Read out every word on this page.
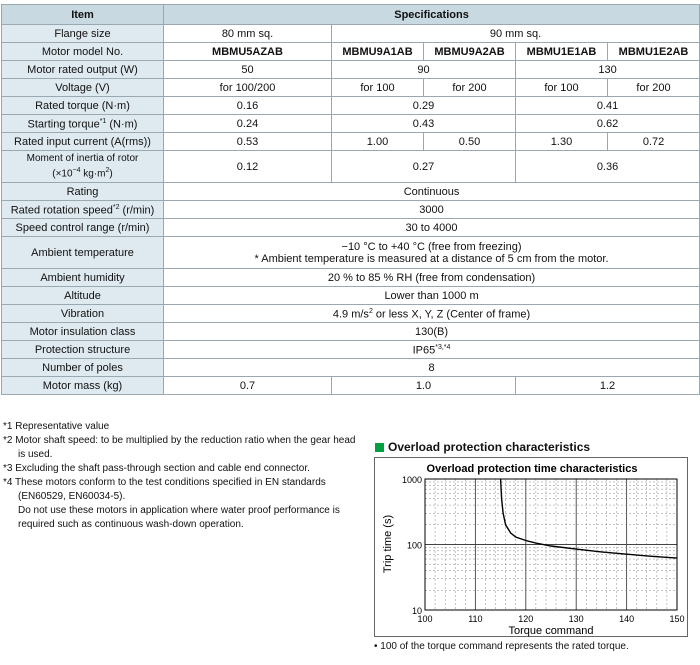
Item	Specifications				
Flange size	80 mm sq.	90 mm sq.			
Motor model No.	MBMU5AZAB	MBMU9A1AB	MBMU9A2AB	MBMU1E1AB	MBMU1E2AB
Motor rated output (W)	50	90		130	
Voltage (V)	for 100/200	for 100	for 200	for 100	for 200
Rated torque (N·m)	0.16	0.29		0.41	
Starting torque$^{*1}$ (N·m)	0.24	0.43		0.62	
Rated input current (A(rms))	0.53	1.00	0.50	1.30	0.72

Moment of inertia of rotor
($\times 10^{-4}$ $kg\cdot m^2$)	0.12	0.27		0.36	
Rating	Continuous				
Rated rotation speed$^{*2}$ (r/min)	3000				
Speed control range (r/min)	30 to 4000				
Ambient temperature	−10 °C to +40 °C (free from freezing)
* Ambient temperature is measured at a distance of 5 cm from the motor.				

Ambient humidity	20 % to 85 % RH (free from condensation)				
Altitude	Lower than 1000 m				
Vibration	4.9 $m/s^2$ or less X, Y, Z (Center of frame)				
Motor insulation class	130(B)				
Protection structure	$IP65^{*3,*4}$
Number of poles	8				
Motor mass (kg)	0.7	1.0		1.2	
*1 Representative value
*2 Motor shaft speed: to be multiplied by the reduction ratio when the gear head is used.
*3 Excluding the shaft pass-through section and cable end connector.
*4 These motors conform to the test conditions specified in EN standards (EN60529, EN60034-5).
Do not use these motors in application where water proof performance is required such as continuous wash-down operation.
Overload protection characteristics
Overload protection time characteristics
1000
100
10
100	110	120	130	140	150
Torque command
Trip time (s)
• 100 of the torque command represents the rated torque.
